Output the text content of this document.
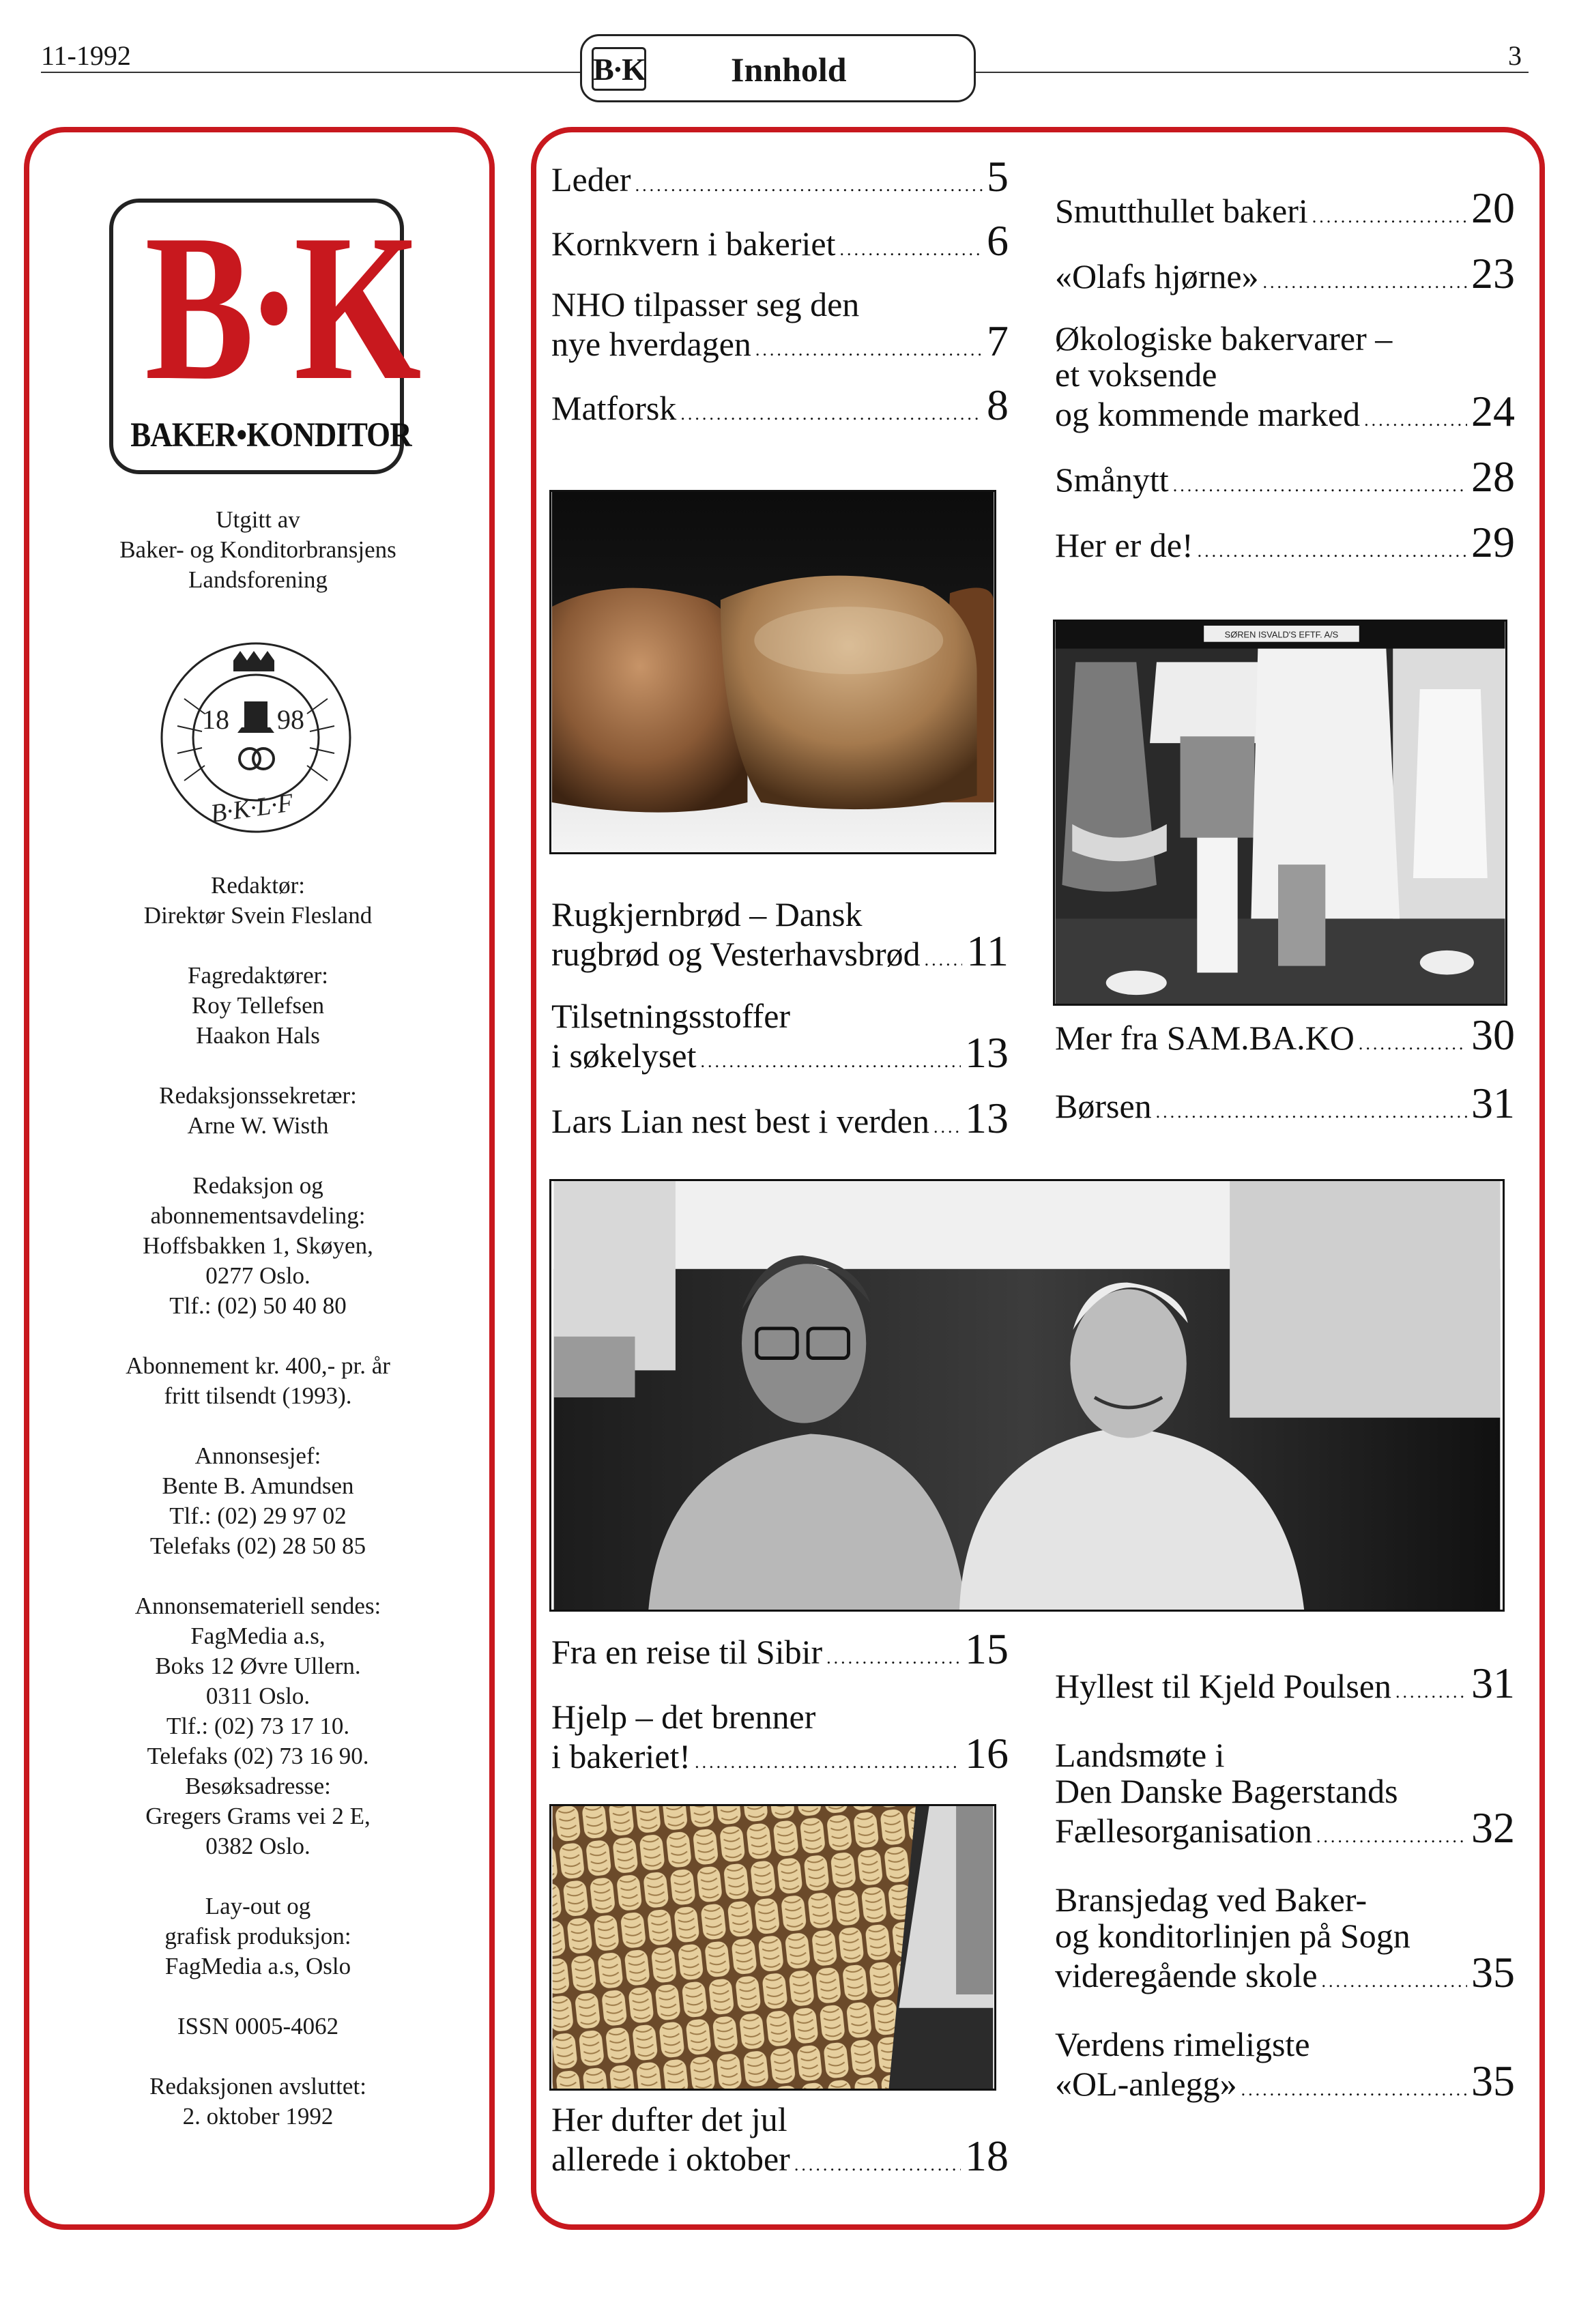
11-1992	3
B·K	Innhold
B·K
BAKER•KONDITOR
Utgitt av
Baker- og Konditorbransjens
Landsforening
18 98
B·K·L·F
Redaktør:
Direktør Svein Flesland
Fagredaktører:
Roy Tellefsen
Haakon Hals
Redaksjonssekretær:
Arne W. Wisth
Redaksjon og
abonnementsavdeling:
Hoffsbakken 1, Skøyen,
0277 Oslo.
Tlf.: (02) 50 40 80
Abonnement kr. 400,- pr. år
fritt tilsendt (1993).
Annonsesjef:
Bente B. Amundsen
Tlf.: (02) 29 97 02
Telefaks (02) 28 50 85
Annonsemateriell sendes:
FagMedia a.s,
Boks 12 Øvre Ullern.
0311 Oslo.
Tlf.: (02) 73 17 10.
Telefaks (02) 73 16 90.
Besøksadresse:
Gregers Grams vei 2 E,
0382 Oslo.
Lay-out og
grafisk produksjon:
FagMedia a.s, Oslo
ISSN 0005-4062
Redaksjonen avsluttet:
2. oktober 1992
Leder .....	5
Kornkvern i bakeriet .....	6
NHO tilpasser seg den
nye hverdagen .....	7
Matforsk .....	8
Rugkjernbrød – Dansk
rugbrød og Vesterhavsbrød ..... 11
Tilsetningsstoffer
i søkelyset .....	13
Lars Lian nest best i verden ..... 13
Smutthullet bakeri .....	20
«Olafs hjørne» .....	23
Økologiske bakervarer –
et voksende
og kommende marked .....	24
Smånytt .....	28
Her er de! .....	29
SØREN ISVALD'S EFTF. A/S
Mer fra SAM.BA.KO .....	30
Børsen .....	31
Fra en reise til Sibir .....	15
Hjelp – det brenner
i bakeriet! .....	16
Her dufter det jul
allerede i oktober .....	18
Hyllest til Kjeld Poulsen ..... 31
Landsmøte i
Den Danske Bagerstands
Fællesorganisation .....	32
Bransjedag ved Baker-
og konditorlinjen på Sogn
videregående skole .....	35
Verdens rimeligste
«OL-anlegg» .....	35
